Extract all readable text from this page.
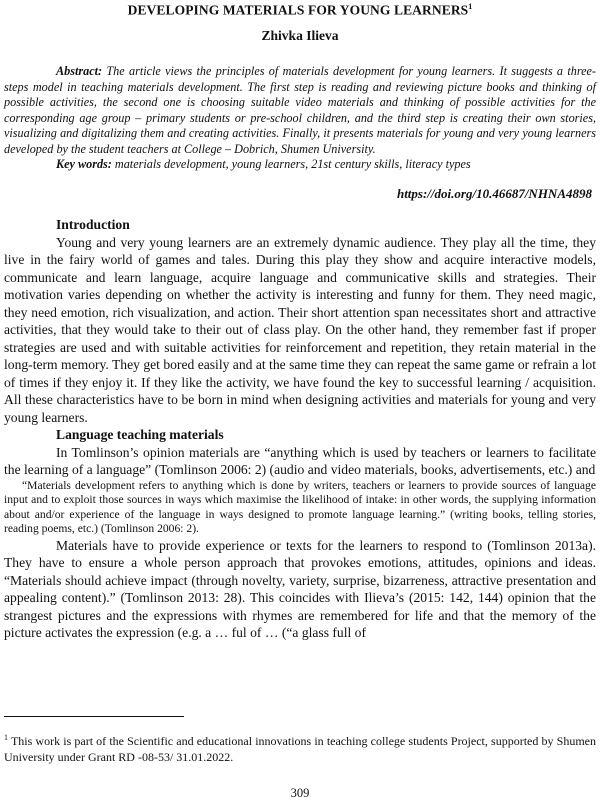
DEVELOPING MATERIALS FOR YOUNG LEARNERS$^1$
Zhivka Ilieva

Abstract: The article views the principles of materials development for young learners. It suggests a three-steps model in teaching materials development. The first step is reading and reviewing picture books and thinking of possible activities, the second one is choosing suitable video materials and thinking of possible activities for the corresponding age group – primary students or pre-school children, and the third step is creating their own stories, visualizing and digitalizing them and creating activities. Finally, it presents materials for young and very young learners developed by the student teachers at College – Dobrich, Shumen University.

Key words: materials development, young learners, 21st century skills, literacy types

https://doi.org/10.46687/NHNA4898

Introduction

Young and very young learners are an extremely dynamic audience. They play all the time, they live in the fairy world of games and tales. During this play they show and acquire interactive models, communicate and learn language, acquire language and communicative skills and strategies. Their motivation varies depending on whether the activity is interesting and funny for them. They need magic, they need emotion, rich visualization, and action. Their short attention span necessitates short and attractive activities, that they would take to their out of class play. On the other hand, they remember fast if proper strategies are used and with suitable activities for reinforcement and repetition, they retain material in the long-term memory. They get bored easily and at the same time they can repeat the same game or refrain a lot of times if they enjoy it. If they like the activity, we have found the key to successful learning / acquisition. All these characteristics have to be born in mind when designing activities and materials for young and very young learners.

Language teaching materials

In Tomlinson’s opinion materials are “anything which is used by teachers or learners to facilitate the learning of a language” (Tomlinson 2006: 2) (audio and video materials, books, advertisements, etc.) and

“Materials development refers to anything which is done by writers, teachers or learners to provide sources of language input and to exploit those sources in ways which maximise the likelihood of intake: in other words, the supplying information about and/or experience of the language in ways designed to promote language learning.” (writing books, telling stories, reading poems, etc.) (Tomlinson 2006: 2).

Materials have to provide experience or texts for the learners to respond to (Tomlinson 2013a). They have to ensure a whole person approach that provokes emotions, attitudes, opinions and ideas. “Materials should achieve impact (through novelty, variety, surprise, bizarreness, attractive presentation and appealing content).” (Tomlinson 2013: 28). This coincides with Ilieva’s (2015: 142, 144) opinion that the strangest pictures and the expressions with rhymes are remembered for life and that the memory of the picture activates the expression (e.g. a … ful of … (“a glass full of

$^1$ This work is part of the Scientific and educational innovations in teaching college students Project, supported by Shumen University under Grant RD -08-53/ 31.01.2022.
309
